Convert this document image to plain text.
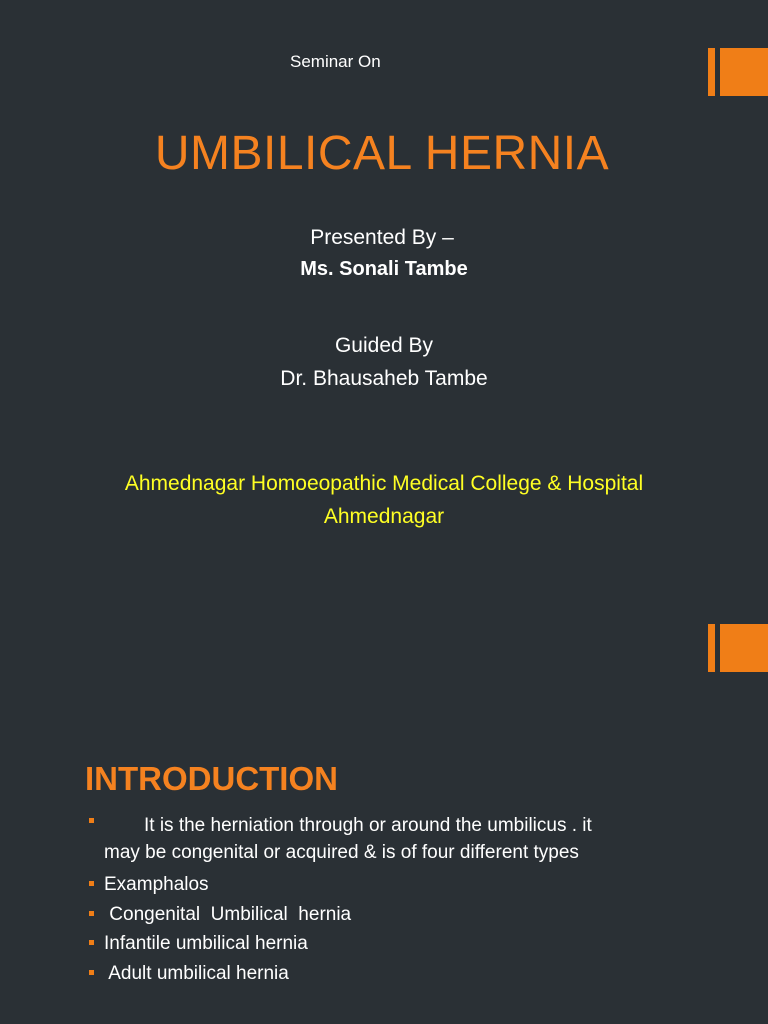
Seminar On

UMBILICAL HERNIA

Presented By –

Ms. Sonali Tambe

Guided By

Dr. Bhausaheb Tambe

Ahmednagar Homoeopathic Medical College & Hospital
Ahmednagar

INTRODUCTION
It is the herniation through or around the umbilicus . it
may be congenital or acquired & is of four different types
Examphalos
Congenital  Umbilical  hernia
Infantile umbilical hernia
Adult umbilical hernia
